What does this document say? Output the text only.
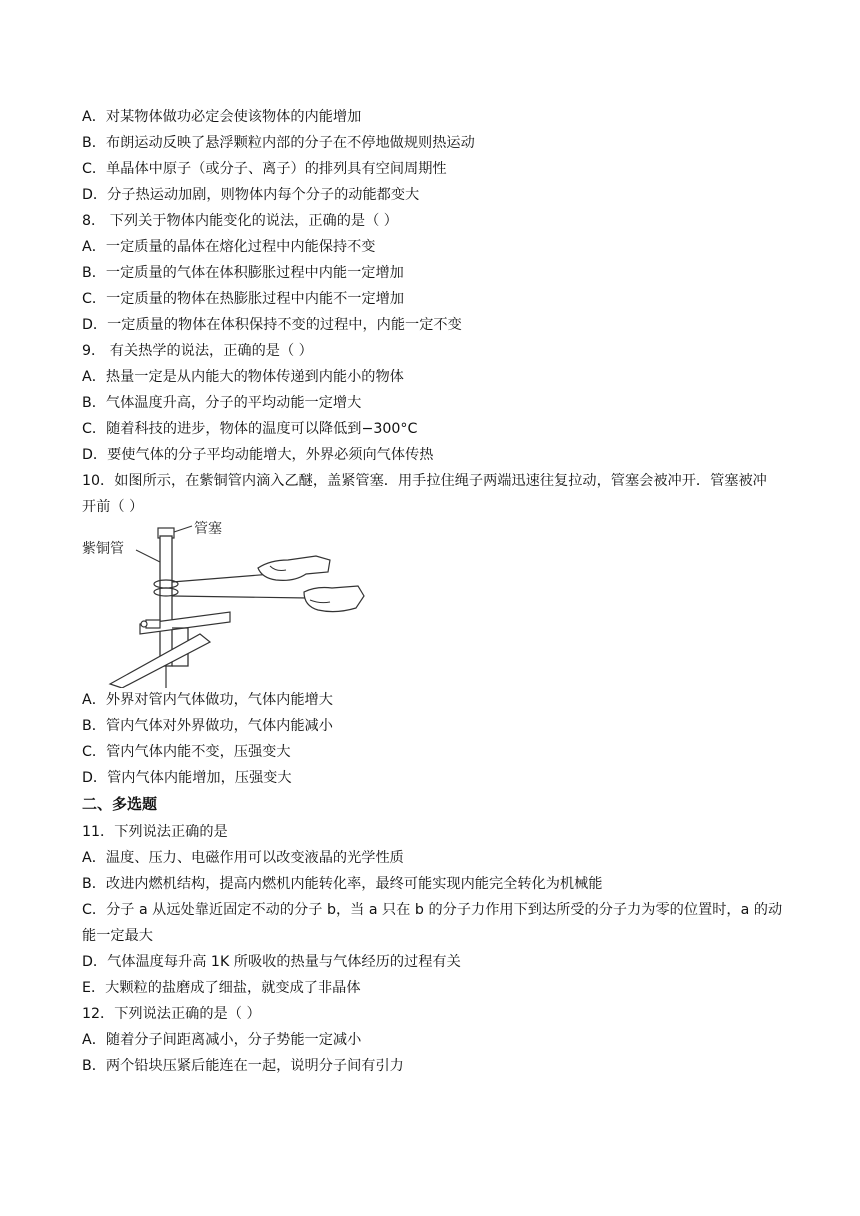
A．对某物体做功必定会使该物体的内能增加
B．布朗运动反映了悬浮颗粒内部的分子在不停地做规则热运动
C．单晶体中原子（或分子、离子）的排列具有空间周期性
D．分子热运动加剧，则物体内每个分子的动能都变大
8． 下列关于物体内能变化的说法，正确的是（ ）
A．一定质量的晶体在熔化过程中内能保持不变
B．一定质量的气体在体积膨胀过程中内能一定增加
C．一定质量的物体在热膨胀过程中内能不一定增加
D．一定质量的物体在体积保持不变的过程中，内能一定不变
9． 有关热学的说法，正确的是（ ）
A．热量一定是从内能大的物体传递到内能小的物体
B．气体温度升高，分子的平均动能一定增大
C．随着科技的进步，物体的温度可以降低到−300°C
D．要使气体的分子平均动能增大，外界必须向气体传热
10．如图所示，在紫铜管内滴入乙醚，盖紧管塞．用手拉住绳子两端迅速往复拉动，管塞会被冲开．管塞被冲
开前（ ）
紫铜管
管塞
A．外界对管内气体做功，气体内能增大
B．管内气体对外界做功，气体内能减小
C．管内气体内能不变，压强变大
D．管内气体内能增加，压强变大
二、多选题
11．下列说法正确的是
A．温度、压力、电磁作用可以改变液晶的光学性质
B．改进内燃机结构，提高内燃机内能转化率，最终可能实现内能完全转化为机械能
C．分子 a 从远处靠近固定不动的分子 b，当 a 只在 b 的分子力作用下到达所受的分子力为零的位置时，a 的动
能一定最大
D．气体温度每升高 1K 所吸收的热量与气体经历的过程有关
E．大颗粒的盐磨成了细盐，就变成了非晶体
12．下列说法正确的是（ ）
A．随着分子间距离减小，分子势能一定减小
B．两个铅块压紧后能连在一起，说明分子间有引力
